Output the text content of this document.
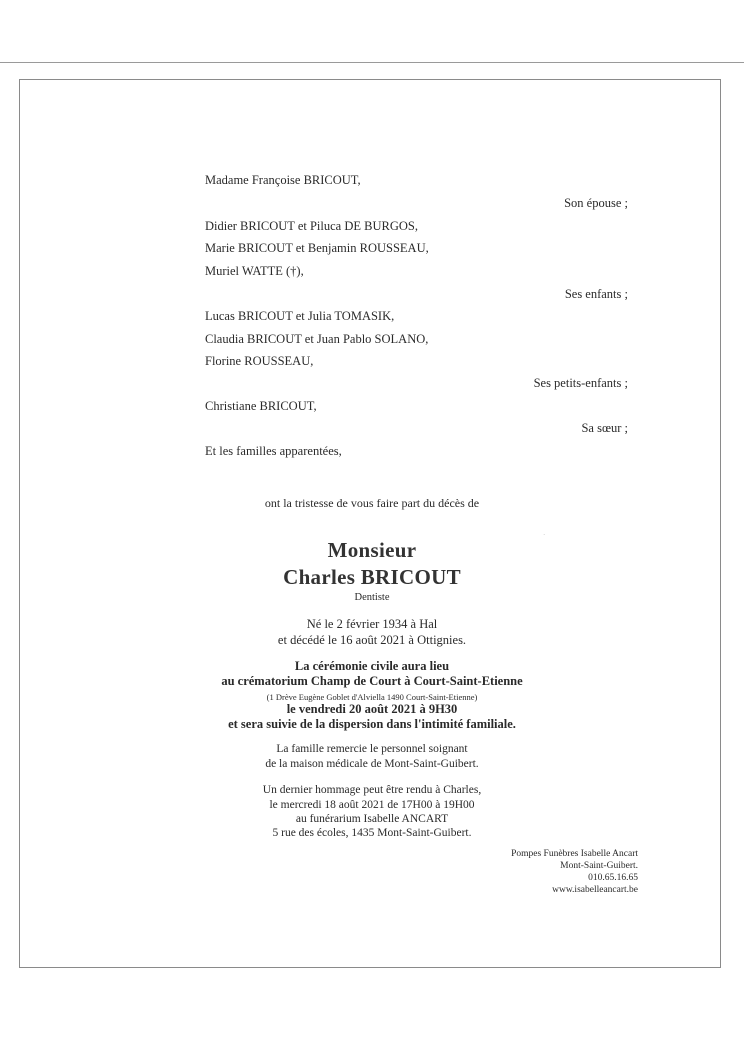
Madame Françoise BRICOUT,
Son épouse ;
Didier BRICOUT et Piluca DE BURGOS,
Marie BRICOUT et Benjamin ROUSSEAU,
Muriel WATTE (†),
Ses enfants ;
Lucas BRICOUT et Julia TOMASIK,
Claudia BRICOUT et Juan Pablo SOLANO,
Florine ROUSSEAU,
Ses petits-enfants ;
Christiane BRICOUT,
Sa sœur ;
Et les familles apparentées,
ont la tristesse de vous faire part du décès de
Monsieur
Charles BRICOUT
Dentiste
Né le 2 février 1934 à Hal
et décédé le 16 août 2021 à Ottignies.
La cérémonie civile aura lieu
au crématorium Champ de Court à Court-Saint-Etienne
(1 Drève Eugène Goblet d'Alviella 1490 Court-Saint-Etienne)
le vendredi 20 août 2021 à 9H30
et sera suivie de la dispersion dans l'intimité familiale.
La famille remercie le personnel soignant
de la maison médicale de Mont-Saint-Guibert.
Un dernier hommage peut être rendu à Charles,
le mercredi 18 août 2021 de 17H00 à 19H00
au funérarium Isabelle ANCART
5 rue des écoles, 1435 Mont-Saint-Guibert.
Pompes Funèbres Isabelle Ancart
Mont-Saint-Guibert.
010.65.16.65
www.isabelleancart.be
·
